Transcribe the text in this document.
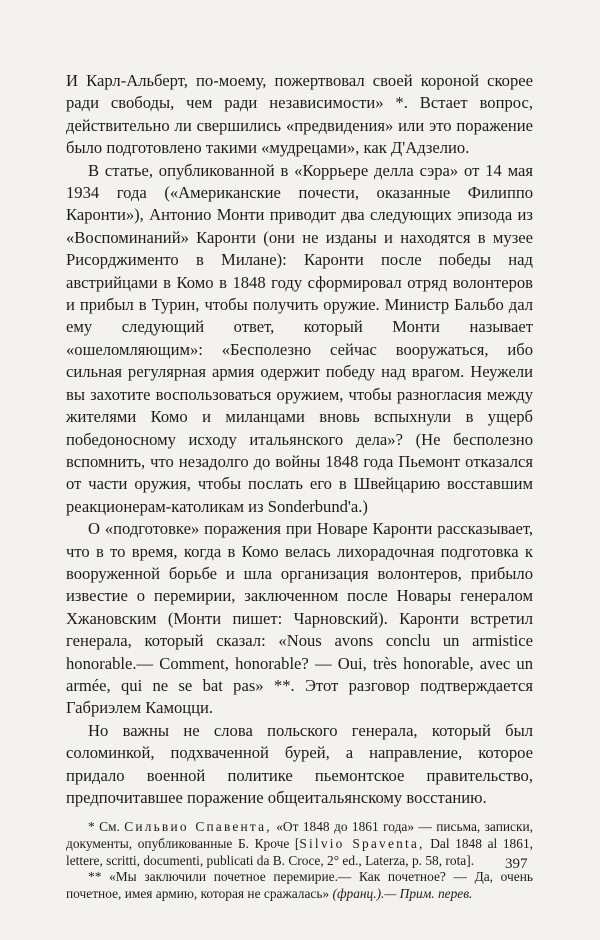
И Карл-Альберт, по-моему, пожертвовал своей короной скорее ради свободы, чем ради независимости» *. Встает вопрос, действительно ли свершились «предвидения» или это поражение было подготовлено такими «мудрецами», как Д'Адзелио.

В статье, опубликованной в «Коррьере делла сэра» от 14 мая 1934 года («Американские почести, оказанные Филиппо Каронти»), Антонио Монти приводит два следующих эпизода из «Воспоминаний» Каронти (они не изданы и находятся в музее Рисорджименто в Милане): Каронти после победы над австрийцами в Комо в 1848 году сформировал отряд волонтеров и прибыл в Турин, чтобы получить оружие. Министр Бальбо дал ему следующий ответ, который Монти называет «ошеломляющим»: «Бесполезно сейчас вооружаться, ибо сильная регулярная армия одержит победу над врагом. Неужели вы захотите воспользоваться оружием, чтобы разногласия между жителями Комо и миланцами вновь вспыхнули в ущерб победоносному исходу итальянского дела»? (Не бесполезно вспомнить, что незадолго до войны 1848 года Пьемонт отказался от части оружия, чтобы послать его в Швейцарию восставшим реакционерам-католикам из Sonderbund'a.)

О «подготовке» поражения при Новаре Каронти рассказывает, что в то время, когда в Комо велась лихорадочная подготовка к вооруженной борьбе и шла организация волонтеров, прибыло известие о перемирии, заключенном после Новары генералом Хжановским (Монти пишет: Чарновский). Каронти встретил генерала, который сказал: «Nous avons conclu un armistice honorable.— Comment, honorable? — Oui, très honorable, avec un armée, qui ne se bat pas» **. Этот разговор подтверждается Габриэлем Камоцци.

Но важны не слова польского генерала, который был соломинкой, подхваченной бурей, а направление, которое придало военной политике пьемонтское правительство, предпочитавшее поражение общеитальянскому восстанию.

* См. Сильвио Спавента, «От 1848 до 1861 года» — письма, записки, документы, опубликованные Б. Кроче [Silvio Spaventa, Dal 1848 al 1861, lettere, scritti, documenti, publicati da B. Croce, 2° ed., Laterza, p. 58, rota].

** «Мы заключили почетное перемирие.— Как почетное? — Да, очень почетное, имея армию, которая не сражалась» (франц.).— Прим. перев.

397
